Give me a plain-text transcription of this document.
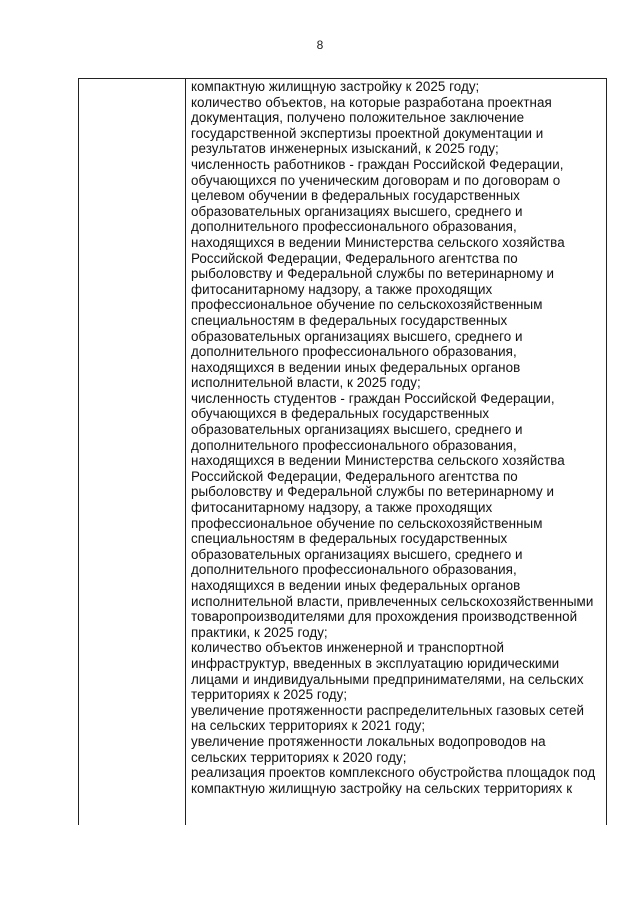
8
компактную жилищную застройку к 2025 году;
количество объектов, на которые разработана проектная
документация, получено положительное заключение
государственной экспертизы проектной документации и
результатов инженерных изысканий, к 2025 году;
численность работников - граждан Российской Федерации,
обучающихся по ученическим договорам и по договорам о
целевом обучении в федеральных государственных
образовательных организациях высшего, среднего и
дополнительного профессионального образования,
находящихся в ведении Министерства сельского хозяйства
Российской Федерации, Федерального агентства по
рыболовству и Федеральной службы по ветеринарному и
фитосанитарному надзору, а также проходящих
профессиональное обучение по сельскохозяйственным
специальностям в федеральных государственных
образовательных организациях высшего, среднего и
дополнительного профессионального образования,
находящихся в ведении иных федеральных органов
исполнительной власти, к 2025 году;
численность студентов - граждан Российской Федерации,
обучающихся в федеральных государственных
образовательных организациях высшего, среднего и
дополнительного профессионального образования,
находящихся в ведении Министерства сельского хозяйства
Российской Федерации, Федерального агентства по
рыболовству и Федеральной службы по ветеринарному и
фитосанитарному надзору, а также проходящих
профессиональное обучение по сельскохозяйственным
специальностям в федеральных государственных
образовательных организациях высшего, среднего и
дополнительного профессионального образования,
находящихся в ведении иных федеральных органов
исполнительной власти, привлеченных сельскохозяйственными
товаропроизводителями для прохождения производственной
практики, к 2025 году;
количество объектов инженерной и транспортной
инфраструктур, введенных в эксплуатацию юридическими
лицами и индивидуальными предпринимателями, на сельских
территориях к 2025 году;
увеличение протяженности распределительных газовых сетей
на сельских территориях к 2021 году;
увеличение протяженности локальных водопроводов на
сельских территориях к 2020 году;
реализация проектов комплексного обустройства площадок под
компактную жилищную застройку на сельских территориях к
